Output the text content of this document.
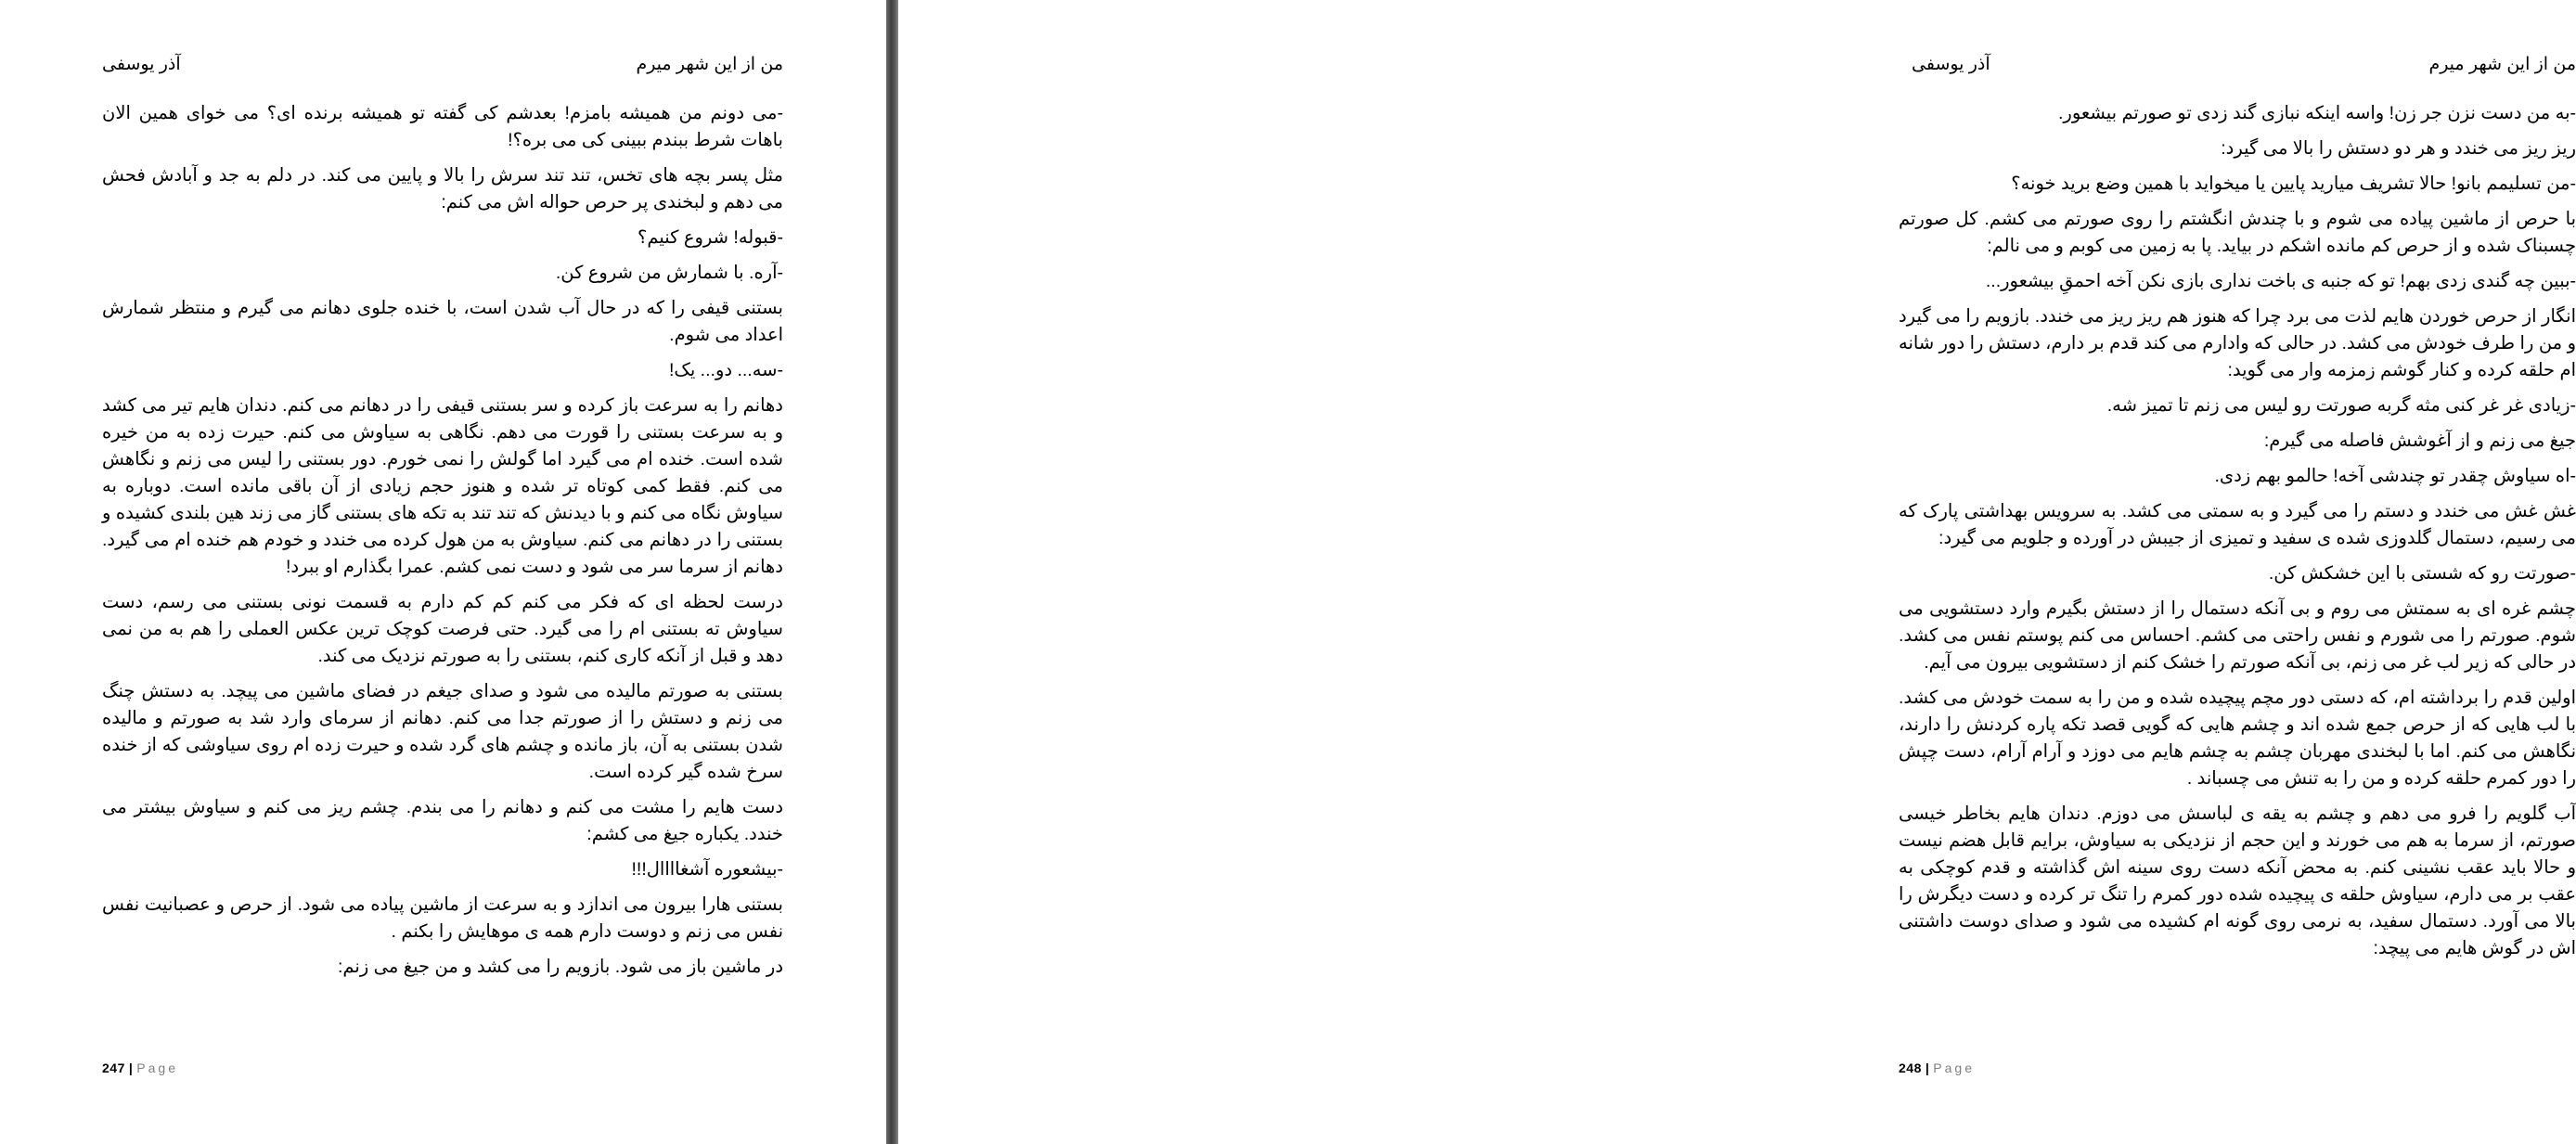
من از این شهر میرم
آذر یوسفی

-می دونم من همیشه بامزم! بعدشم کی گفته تو همیشه برنده ای؟ می خوای همین الان باهات شرط ببندم ببینی کی می بره؟!

مثل پسر بچه های تخس، تند تند سرش را بالا و پایین می کند. در دلم به جد و آبادش فحش می دهم و لبخندی پر حرص حواله اش می کنم:

-قبوله! شروع کنیم؟

-آره. با شمارش من شروع کن.

بستنی قیفی را که در حال آب شدن است، با خنده جلوی دهانم می گیرم و منتظر شمارش اعداد می شوم.

-سه... دو... یک!

دهانم را به سرعت باز کرده و سر بستنی قیفی را در دهانم می کنم. دندان هایم تیر می کشد و به سرعت بستنی را قورت می دهم. نگاهی به سیاوش می کنم. حیرت زده به من خیره شده است. خنده ام می گیرد اما گولش را نمی خورم. دور بستنی را لیس می زنم و نگاهش می کنم. فقط کمی کوتاه تر شده و هنوز حجم زیادی از آن باقی مانده است. دوباره به سیاوش نگاه می کنم و با دیدنش که تند تند به تکه های بستنی گاز می زند هین بلندی کشیده و بستنی را در دهانم می کنم. سیاوش به من هول کرده می خندد و خودم هم خنده ام می گیرد. دهانم از سرما سر می شود و دست نمی کشم. عمرا بگذارم او ببرد!

درست لحظه ای که فکر می کنم کم کم دارم به قسمت نونی بستنی می رسم، دست سیاوش ته بستنی ام را می گیرد. حتی فرصت کوچک ترین عکس العملی را هم به من نمی دهد و قبل از آنکه کاری کنم، بستنی را به صورتم نزدیک می کند.

بستنی به صورتم مالیده می شود و صدای جیغم در فضای ماشین می پیچد. به دستش چنگ می زنم و دستش را از صورتم جدا می کنم. دهانم از سرمای وارد شد به صورتم و مالیده شدن بستنی به آن، باز مانده و چشم های گرد شده و حیرت زده ام روی سیاوشی که از خنده سرخ شده گیر کرده است.

دست هایم را مشت می کنم و دهانم را می بندم. چشم ریز می کنم و سیاوش بیشتر می خندد. یکباره جیغ می کشم:

-بیشعوره آشغاااال!!!

بستنی هارا بیرون می اندازد و به سرعت از ماشین پیاده می شود. از حرص و عصبانیت نفس نفس می زنم و دوست دارم همه ی موهایش را بکنم .

در ماشین باز می شود. بازویم را می کشد و من جیغ می زنم:

247 | Page
من از این شهر میرم
آذر یوسفی

-به من دست نزن جر زن! واسه اینکه نبازی گند زدی تو صورتم بیشعور.

ریز ریز می خندد و هر دو دستش را بالا می گیرد:

-من تسلیمم بانو! حالا تشریف میارید پایین یا میخواید با همین وضع برید خونه؟

با حرص از ماشین پیاده می شوم و با چندش انگشتم را روی صورتم می کشم. کل صورتم چسبناک شده و از حرص کم مانده اشکم در بیاید. پا به زمین می کوبم و می نالم:

-ببین چه گندی زدی بهم! تو که جنبه ی باخت نداری بازی نکن آخه احمقِ بیشعور...

انگار از حرص خوردن هایم لذت می برد چرا که هنوز هم ریز ریز می خندد. بازویم را می گیرد و من را طرف خودش می کشد. در حالی که وادارم می کند قدم بر دارم، دستش را دور شانه ام حلقه کرده و کنار گوشم زمزمه وار می گوید:

-زیادی غر غر کنی مثه گربه صورتت رو لیس می زنم تا تمیز شه.

جیغ می زنم و از آغوشش فاصله می گیرم:

-اه سیاوش چقدر تو چندشی آخه! حالمو بهم زدی.

غش غش می خندد و دستم را می گیرد و به سمتی می کشد. به سرویس بهداشتی پارک که می رسیم، دستمال گلدوزی شده ی سفید و تمیزی از جیبش در آورده و جلویم می گیرد:

-صورتت رو که شستی با این خشکش کن.

چشم غره ای به سمتش می روم و بی آنکه دستمال را از دستش بگیرم وارد دستشویی می شوم. صورتم را می شورم و نفس راحتی می کشم. احساس می کنم پوستم نفس می کشد. در حالی که زیر لب غر می زنم، بی آنکه صورتم را خشک کنم از دستشویی بیرون می آیم.

اولین قدم را برداشته ام، که دستی دور مچم پیچیده شده و من را به سمت خودش می کشد. با لب هایی که از حرص جمع شده اند و چشم هایی که گویی قصد تکه پاره کردنش را دارند، نگاهش می کنم. اما با لبخندی مهربان چشم به چشم هایم می دوزد و آرام آرام، دست چپش را دور کمرم حلقه کرده و من را به تنش می چسباند .

آب گلویم را فرو می دهم و چشم به یقه ی لباسش می دوزم. دندان هایم بخاطر خیسی صورتم، از سرما به هم می خورند و این حجم از نزدیکی به سیاوش، برایم قابل هضم نیست و حالا باید عقب نشینی کنم. به محض آنکه دست روی سینه اش گذاشته و قدم کوچکی به عقب بر می دارم، سیاوش حلقه ی پیچیده شده دور کمرم را تنگ تر کرده و دست دیگرش را بالا می آورد. دستمال سفید، به نرمی روی گونه ام کشیده می شود و صدای دوست داشتنی اش در گوش هایم می پیچد:

248 | Page
